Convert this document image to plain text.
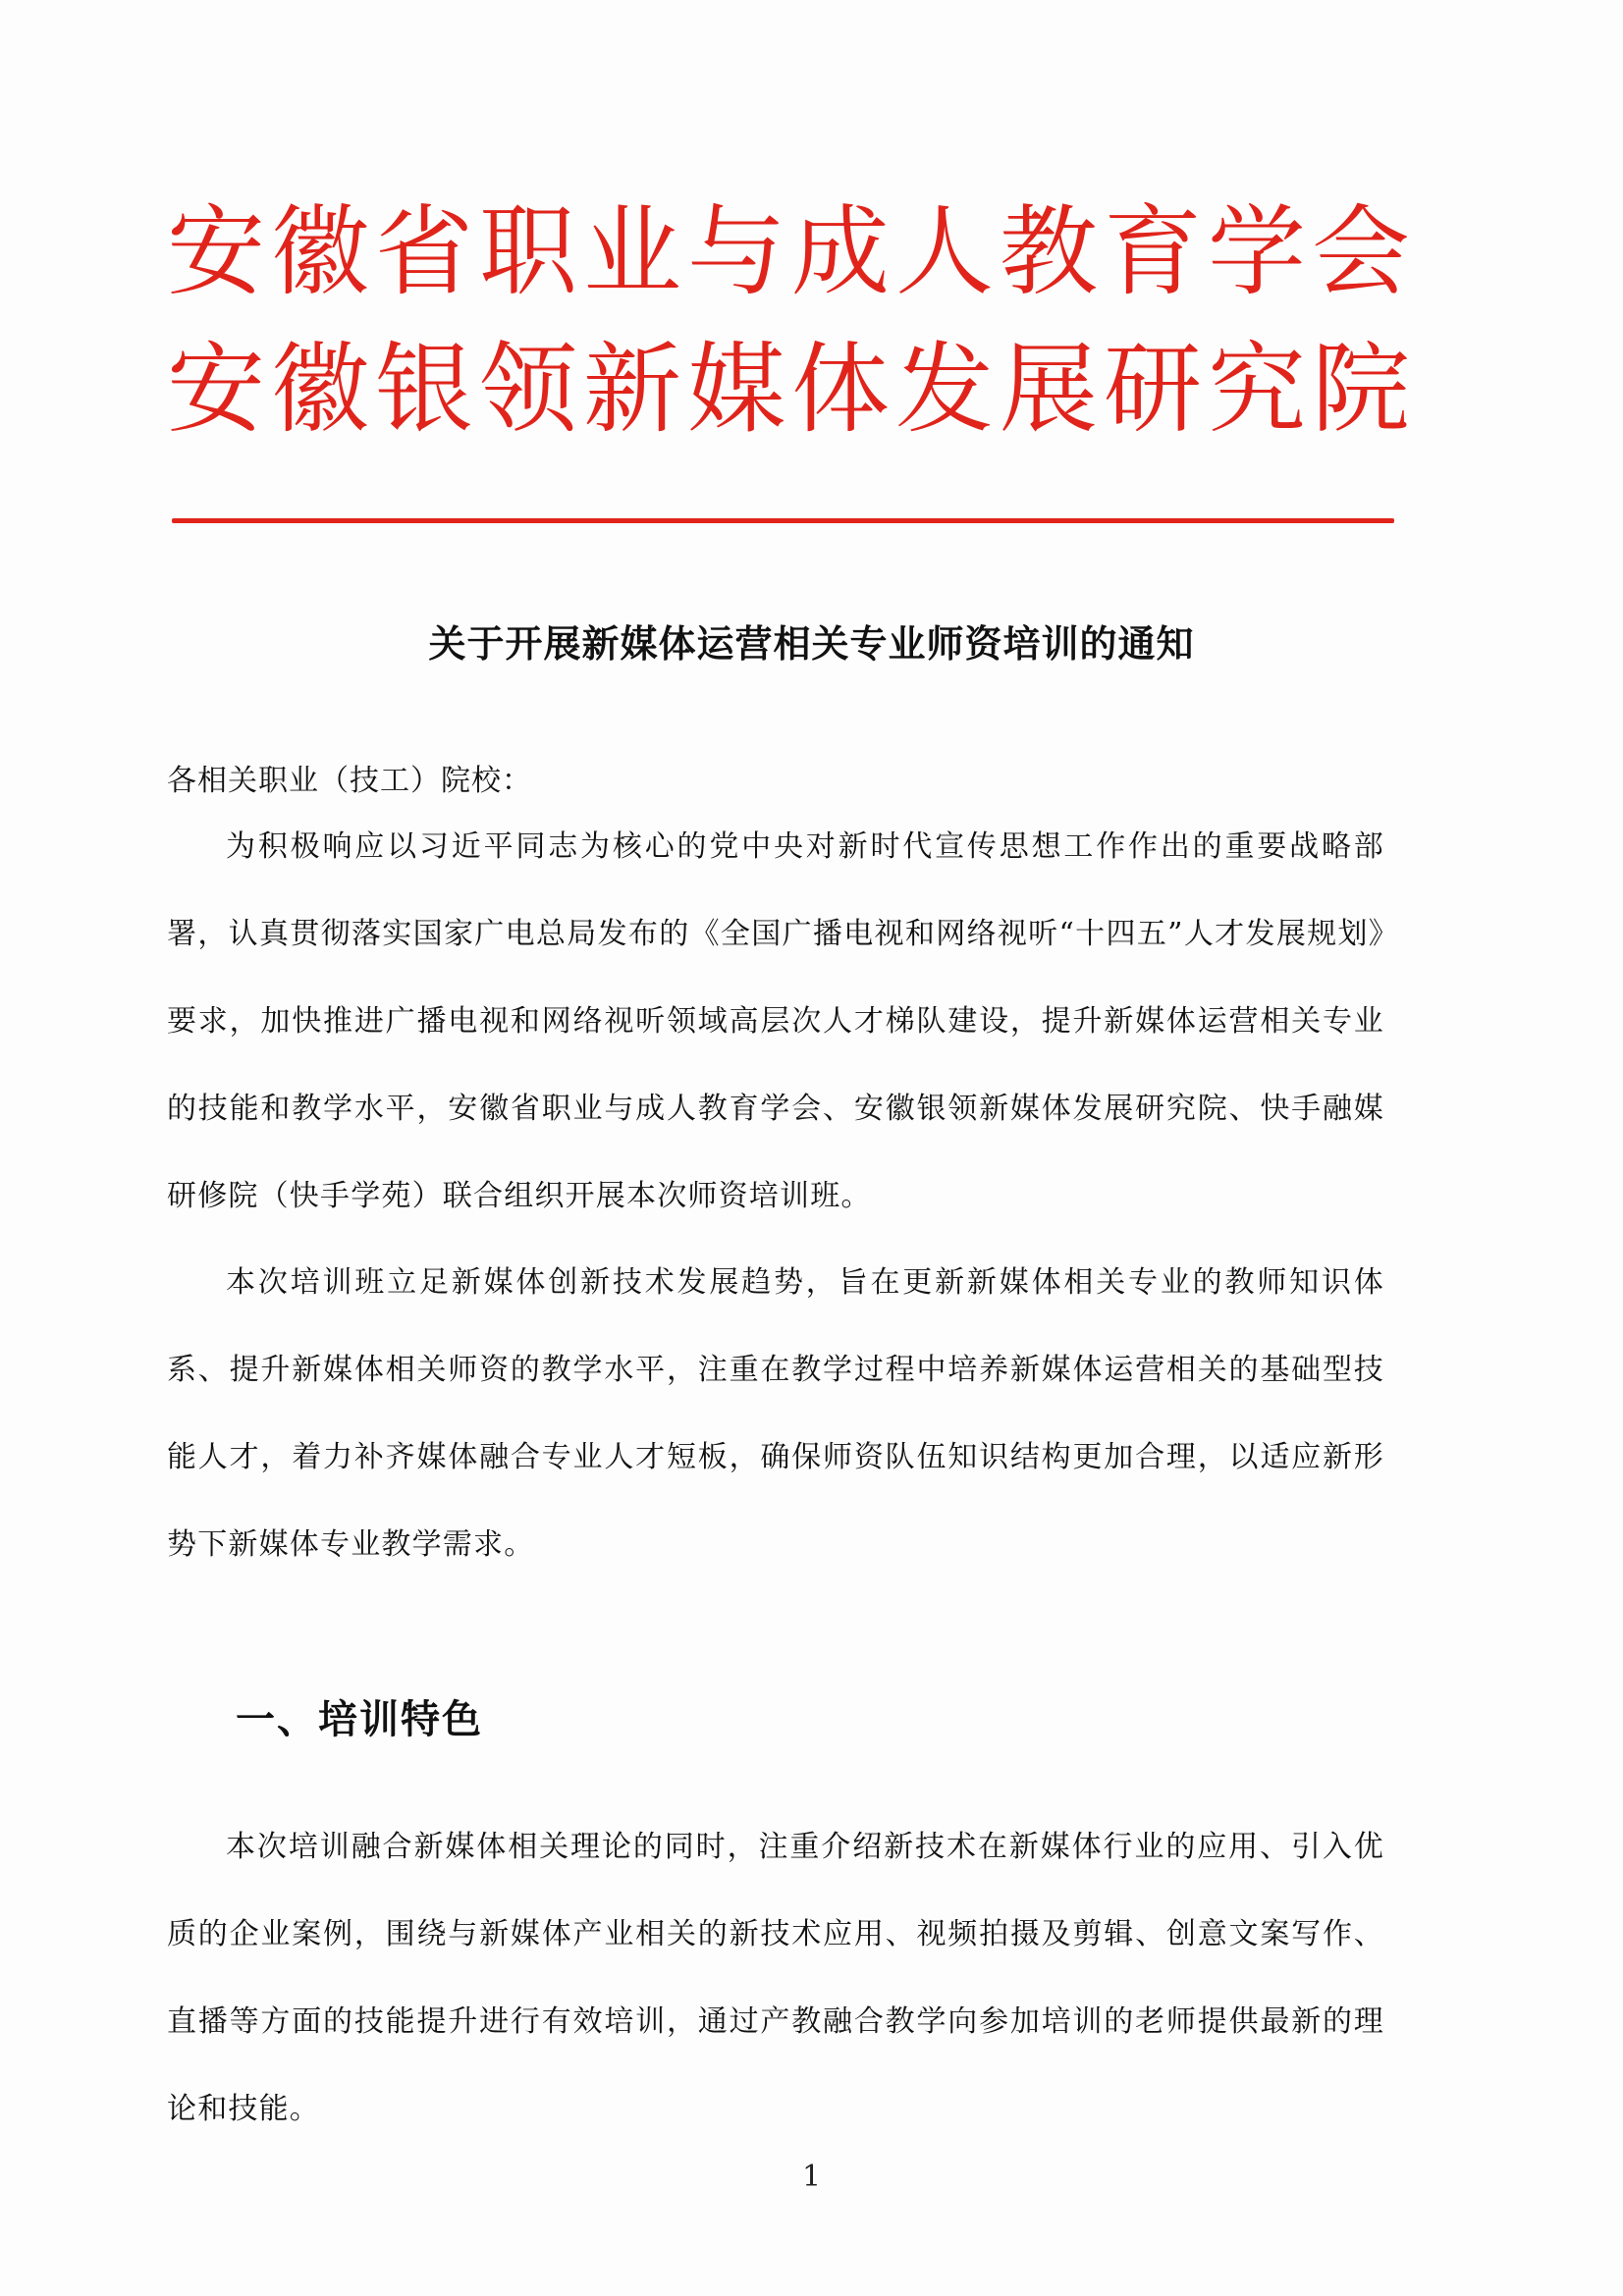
安徽省职业与成人教育学会
安徽银领新媒体发展研究院
关于开展新媒体运营相关专业师资培训的通知
各相关职业（技工）院校：
为积极响应以习近平同志为核心的党中央对新时代宣传思想工作作出的重要战略部署，认真贯彻落实国家广电总局发布的《全国广播电视和网络视听“十四五”人才发展规划》要求，加快推进广播电视和网络视听领域高层次人才梯队建设，提升新媒体运营相关专业的技能和教学水平，安徽省职业与成人教育学会、安徽银领新媒体发展研究院、快手融媒研修院（快手学苑）联合组织开展本次师资培训班。
本次培训班立足新媒体创新技术发展趋势，旨在更新新媒体相关专业的教师知识体系、提升新媒体相关师资的教学水平，注重在教学过程中培养新媒体运营相关的基础型技能人才，着力补齐媒体融合专业人才短板，确保师资队伍知识结构更加合理，以适应新形势下新媒体专业教学需求。
一、培训特色
本次培训融合新媒体相关理论的同时，注重介绍新技术在新媒体行业的应用、引入优质的企业案例，围绕与新媒体产业相关的新技术应用、视频拍摄及剪辑、创意文案写作、直播等方面的技能提升进行有效培训，通过产教融合教学向参加培训的老师提供最新的理论和技能。
1
